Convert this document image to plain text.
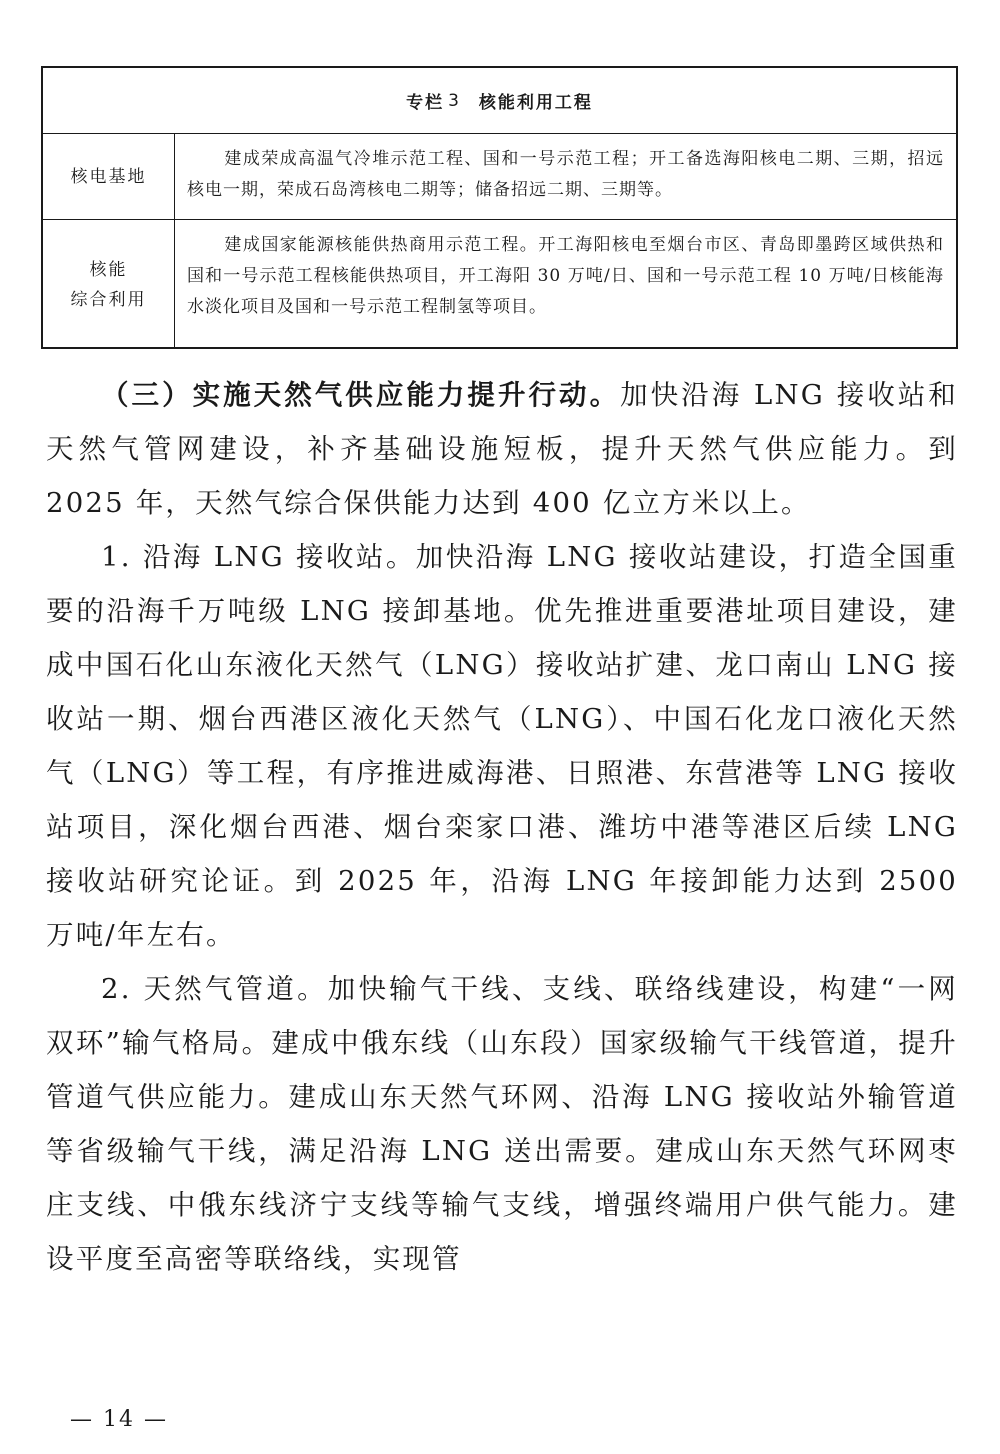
专栏 3 核能利用工程
核电基地
建成荣成高温气冷堆示范工程、国和一号示范工程；开工备选海阳核电二期、三期，招远核电一期，荣成石岛湾核电二期等；储备招远二期、三期等。
核能
综合利用
建成国家能源核能供热商用示范工程。开工海阳核电至烟台市区、青岛即墨跨区域供热和国和一号示范工程核能供热项目，开工海阳 30 万吨/日、国和一号示范工程 10 万吨/日核能海水淡化项目及国和一号示范工程制氢等项目。

（三）实施天然气供应能力提升行动。加快沿海 LNG 接收站和天然气管网建设，补齐基础设施短板，提升天然气供应能力。到 2025 年，天然气综合保供能力达到 400 亿立方米以上。

1. 沿海 LNG 接收站。加快沿海 LNG 接收站建设，打造全国重要的沿海千万吨级 LNG 接卸基地。优先推进重要港址项目建设，建成中国石化山东液化天然气（LNG）接收站扩建、龙口南山 LNG 接收站一期、烟台西港区液化天然气（LNG）、中国石化龙口液化天然气（LNG）等工程，有序推进威海港、日照港、东营港等 LNG 接收站项目，深化烟台西港、烟台栾家口港、潍坊中港等港区后续 LNG 接收站研究论证。到 2025 年，沿海 LNG 年接卸能力达到 2500 万吨/年左右。

2. 天然气管道。加快输气干线、支线、联络线建设，构建“一网双环”输气格局。建成中俄东线（山东段）国家级输气干线管道，提升管道气供应能力。建成山东天然气环网、沿海 LNG 接收站外输管道等省级输气干线，满足沿海 LNG 送出需要。建成山东天然气环网枣庄支线、中俄东线济宁支线等输气支线，增强终端用户供气能力。建设平度至高密等联络线，实现管

— 14 —
